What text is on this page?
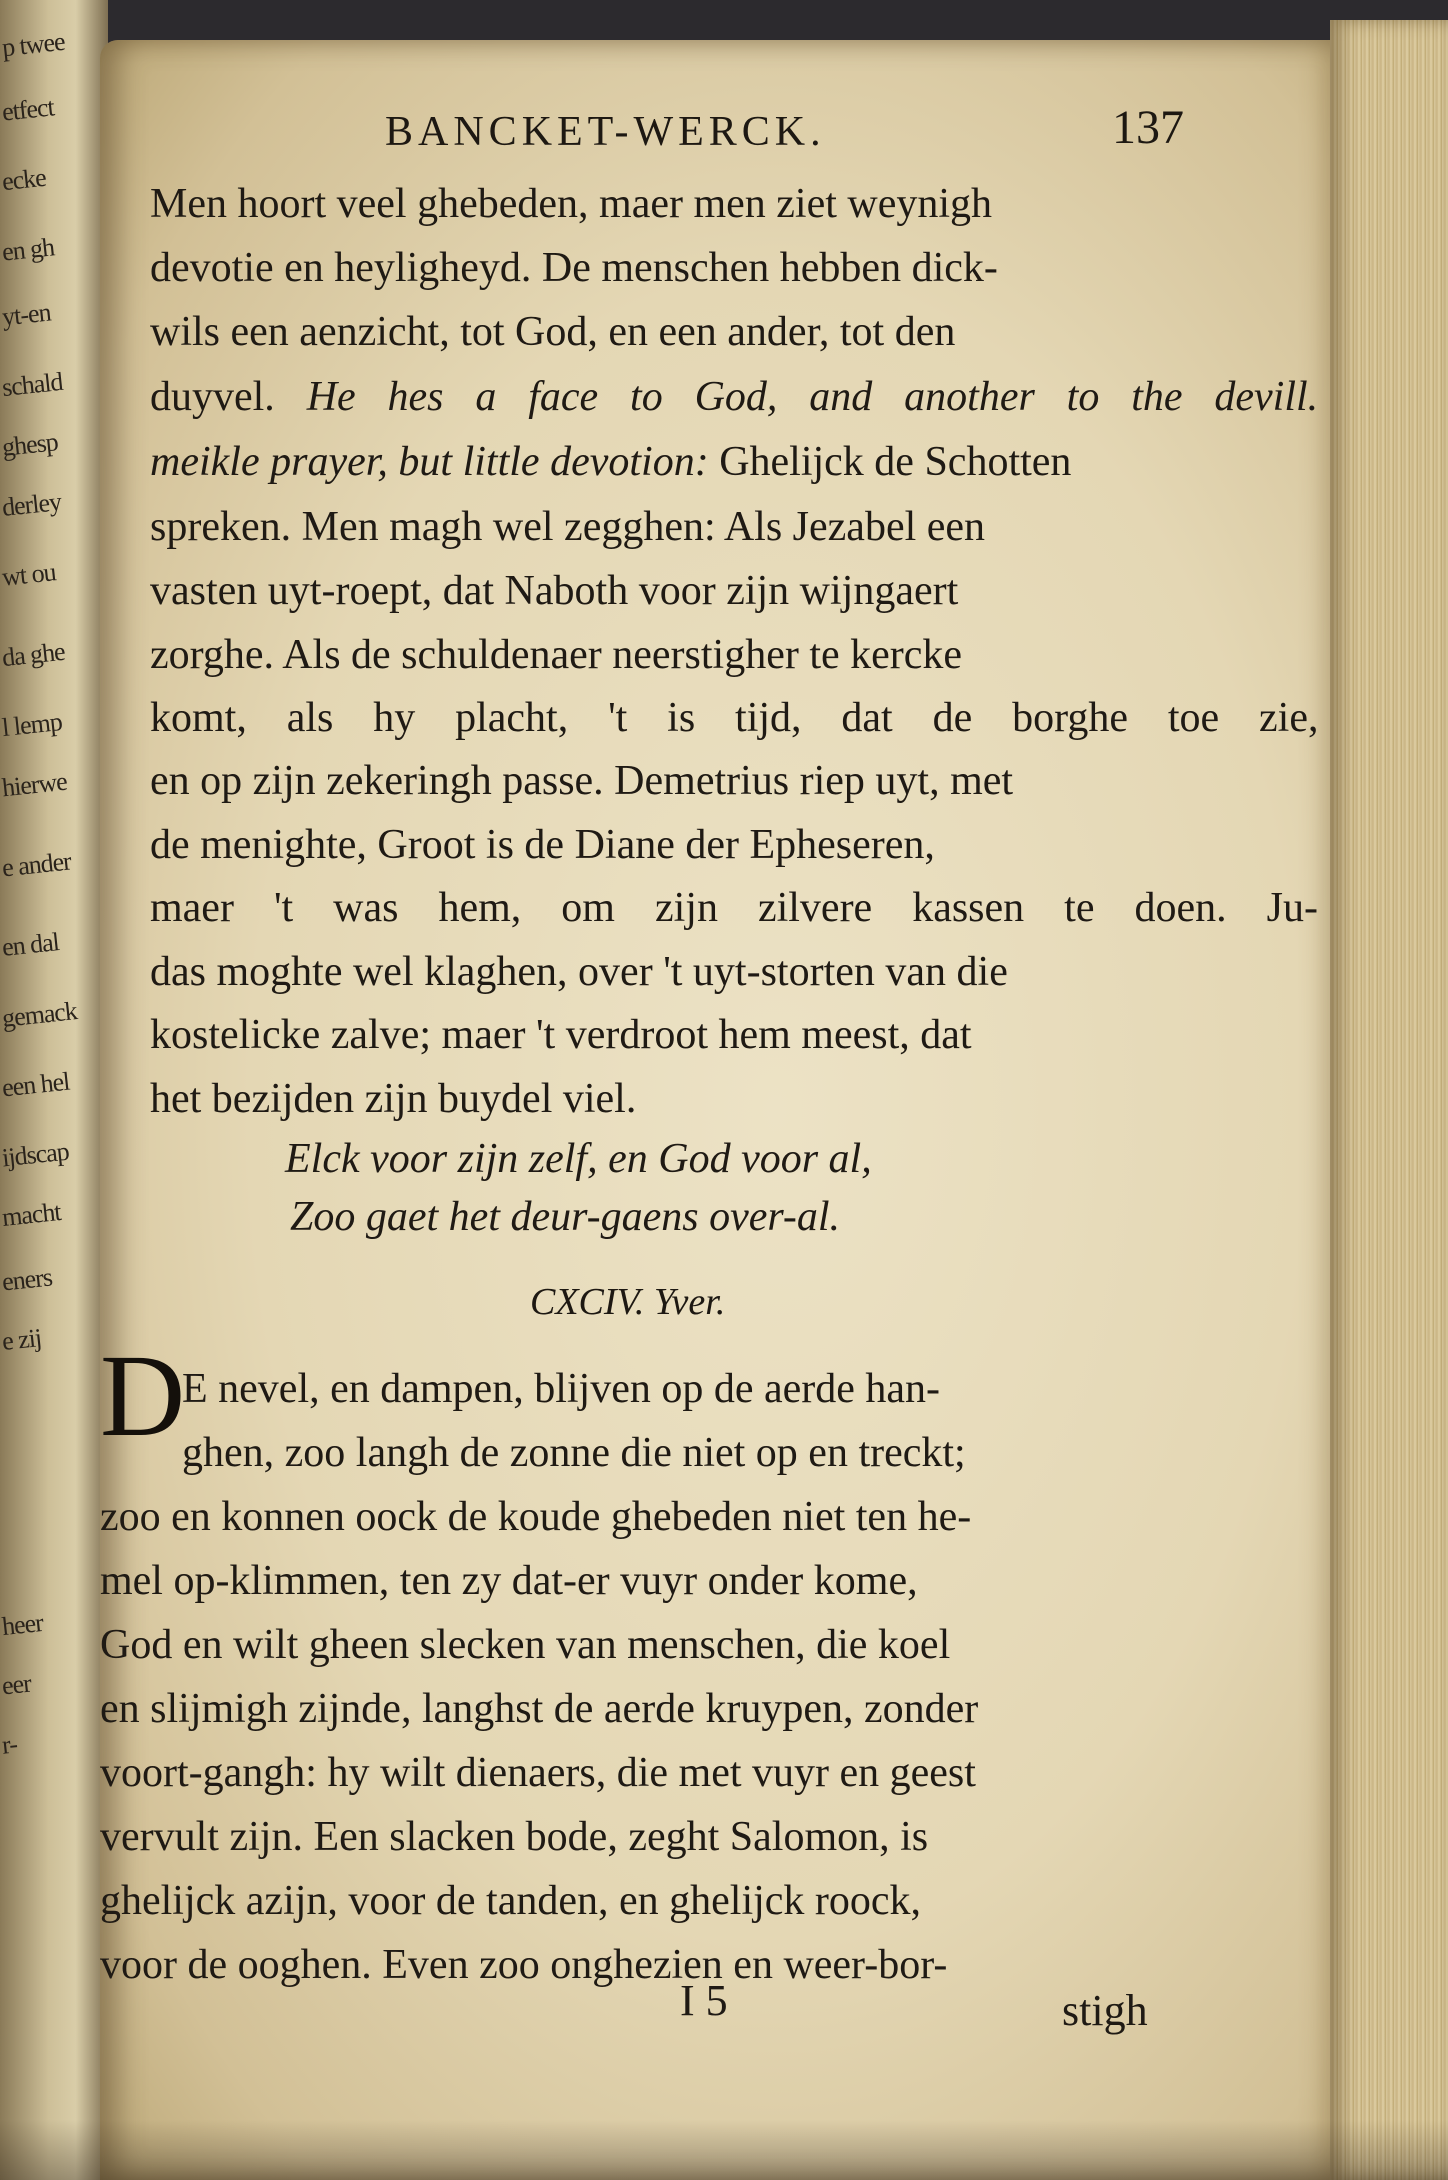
p twee
etfect
ecke
en gh
yt-en
schald
ghesp
derley
wt ou
da ghe
l lemp
hierwe
e ander
en dal
gemack
een hel
ijdscap
macht
eners
e zij
heer
eer
r-
BANCKET-WERCK.	137
Men hoort veel ghebeden, maer men ziet weynigh
devotie en heyligheyd. De menschen hebben dick-
wils een aenzicht, tot God, en een ander, tot den
duyvel. He hes a face to God, and another to the devill.
meikle prayer, but little devotion: Ghelijck de Schotten
spreken. Men magh wel zegghen: Als Jezabel een
vasten uyt-roept, dat Naboth voor zijn wijngaert
zorghe. Als de schuldenaer neerstigher te kercke
komt, als hy placht, 't is tijd, dat de borghe toe zie,
en op zijn zekeringh passe. Demetrius riep uyt, met
de menighte, Groot is de Diane der Epheseren,
maer 't was hem, om zijn zilvere kassen te doen. Ju-
das moghte wel klaghen, over 't uyt-storten van die
kostelicke zalve; maer 't verdroot hem meest, dat
het bezijden zijn buydel viel.
Elck voor zijn zelf, en God voor al,
Zoo gaet het deur-gaens over-al.
CXCIV. Yver.
D
E nevel, en dampen, blijven op de aerde han-
ghen, zoo langh de zonne die niet op en treckt;
zoo en konnen oock de koude ghebeden niet ten he-
mel op-klimmen, ten zy dat-er vuyr onder kome,
God en wilt gheen slecken van menschen, die koel
en slijmigh zijnde, langhst de aerde kruypen, zonder
voort-gangh: hy wilt dienaers, die met vuyr en geest
vervult zijn. Een slacken bode, zeght Salomon, is
ghelijck azijn, voor de tanden, en ghelijck roock,
voor de ooghen. Even zoo onghezien en weer-bor-
I 5	stigh
